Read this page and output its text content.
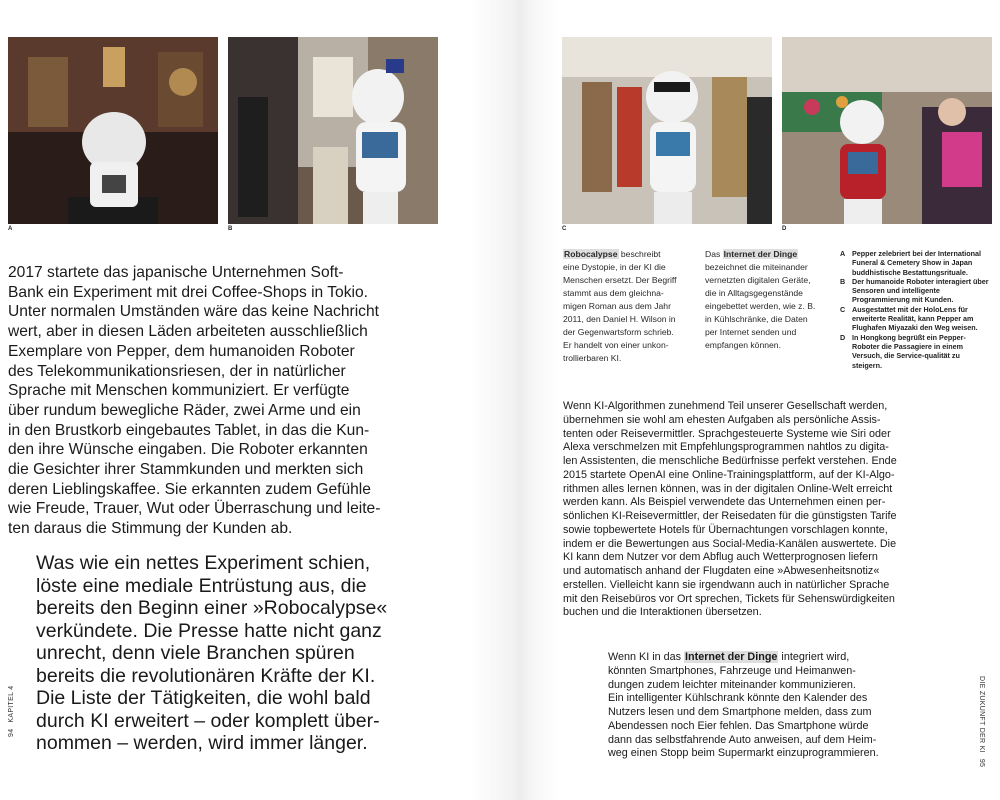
A	B

2017 startete das japanische Unternehmen Soft-

Bank ein Experiment mit drei Coffee-Shops in Tokio.

Unter normalen Umständen wäre das keine Nachricht

wert, aber in diesen Läden arbeiteten ausschließlich

Exemplare von Pepper, dem humanoiden Roboter

des Telekommunikationsriesen, der in natürlicher

Sprache mit Menschen kommuniziert. Er verfügte

über rundum bewegliche Räder, zwei Arme und ein

in den Brustkorb eingebautes Tablet, in das die Kun-

den ihre Wünsche eingaben. Die Roboter erkannten

die Gesichter ihrer Stammkunden und merkten sich

deren Lieblingskaffee. Sie erkannten zudem Gefühle

wie Freude, Trauer, Wut oder Überraschung und leite-

ten daraus die Stimmung der Kunden ab.

Was wie ein nettes Experiment schien,

löste eine mediale Entrüstung aus, die

bereits den Beginn einer »Robocalypse«

verkündete. Die Presse hatte nicht ganz

unrecht, denn viele Branchen spüren

bereits die revolutionären Kräfte der KI.

Die Liste der Tätigkeiten, die wohl bald

durch KI erweitert – oder komplett über-

nommen – werden, wird immer länger.

94KAPITEL 4
C	D

Robocalypse beschreibt

eine Dystopie, in der KI die

Menschen ersetzt. Der Begriff

stammt aus dem gleichna-

migen Roman aus dem Jahr

2011, den Daniel H. Wilson in

der Gegenwartsform schrieb.

Er handelt von einer unkon-

trollierbaren KI.

Das Internet der Dinge

bezeichnet die miteinander

vernetzten digitalen Geräte,

die in Alltagsgegenstände

eingebettet werden, wie z. B.

in Kühlschränke, die Daten

per Internet senden und

empfangen können.

A Pepper zelebriert bei der International Funeral & Cemetery Show in Japan buddhistische Bestattungsrituale.
B Der humanoide Roboter interagiert über Sensoren und intelligente Programmierung mit Kunden.
C Ausgestattet mit der HoloLens für erweiterte Realität, kann Pepper am Flughafen Miyazaki den Weg weisen.
D In Hongkong begrüßt ein Pepper-Roboter die Passagiere in einem Versuch, die Service-qualität zu steigern.

Wenn KI-Algorithmen zunehmend Teil unserer Gesellschaft werden,

übernehmen sie wohl am ehesten Aufgaben als persönliche Assis-

tenten oder Reisevermittler. Sprachgesteuerte Systeme wie Siri oder

Alexa verschmelzen mit Empfehlungsprogrammen nahtlos zu digita-

len Assistenten, die menschliche Bedürfnisse perfekt verstehen. Ende

2015 startete OpenAI eine Online-Trainingsplattform, auf der KI-Algo-

rithmen alles lernen können, was in der digitalen Online-Welt erreicht

werden kann. Als Beispiel verwendete das Unternehmen einen per-

sönlichen KI-Reisevermittler, der Reisedaten für die günstigsten Tarife

sowie topbewertete Hotels für Übernachtungen vorschlagen konnte,

indem er die Bewertungen aus Social-Media-Kanälen auswertete. Die

KI kann dem Nutzer vor dem Abflug auch Wetterprognosen liefern

und automatisch anhand der Flugdaten eine »Abwesenheitsnotiz«

erstellen. Vielleicht kann sie irgendwann auch in natürlicher Sprache

mit den Reisebüros vor Ort sprechen, Tickets für Sehenswürdigkeiten

buchen und die Interaktionen übersetzen.

Wenn KI in das Internet der Dinge integriert wird,

könnten Smartphones, Fahrzeuge und Heimanwen-

dungen zudem leichter miteinander kommunizieren.

Ein intelligenter Kühlschrank könnte den Kalender des

Nutzers lesen und dem Smartphone melden, dass zum

Abendessen noch Eier fehlen. Das Smartphone würde

dann das selbstfahrende Auto anweisen, auf dem Heim-

weg einen Stopp beim Supermarkt einzuprogrammieren.

DIE ZUKUNFT DER KI95
